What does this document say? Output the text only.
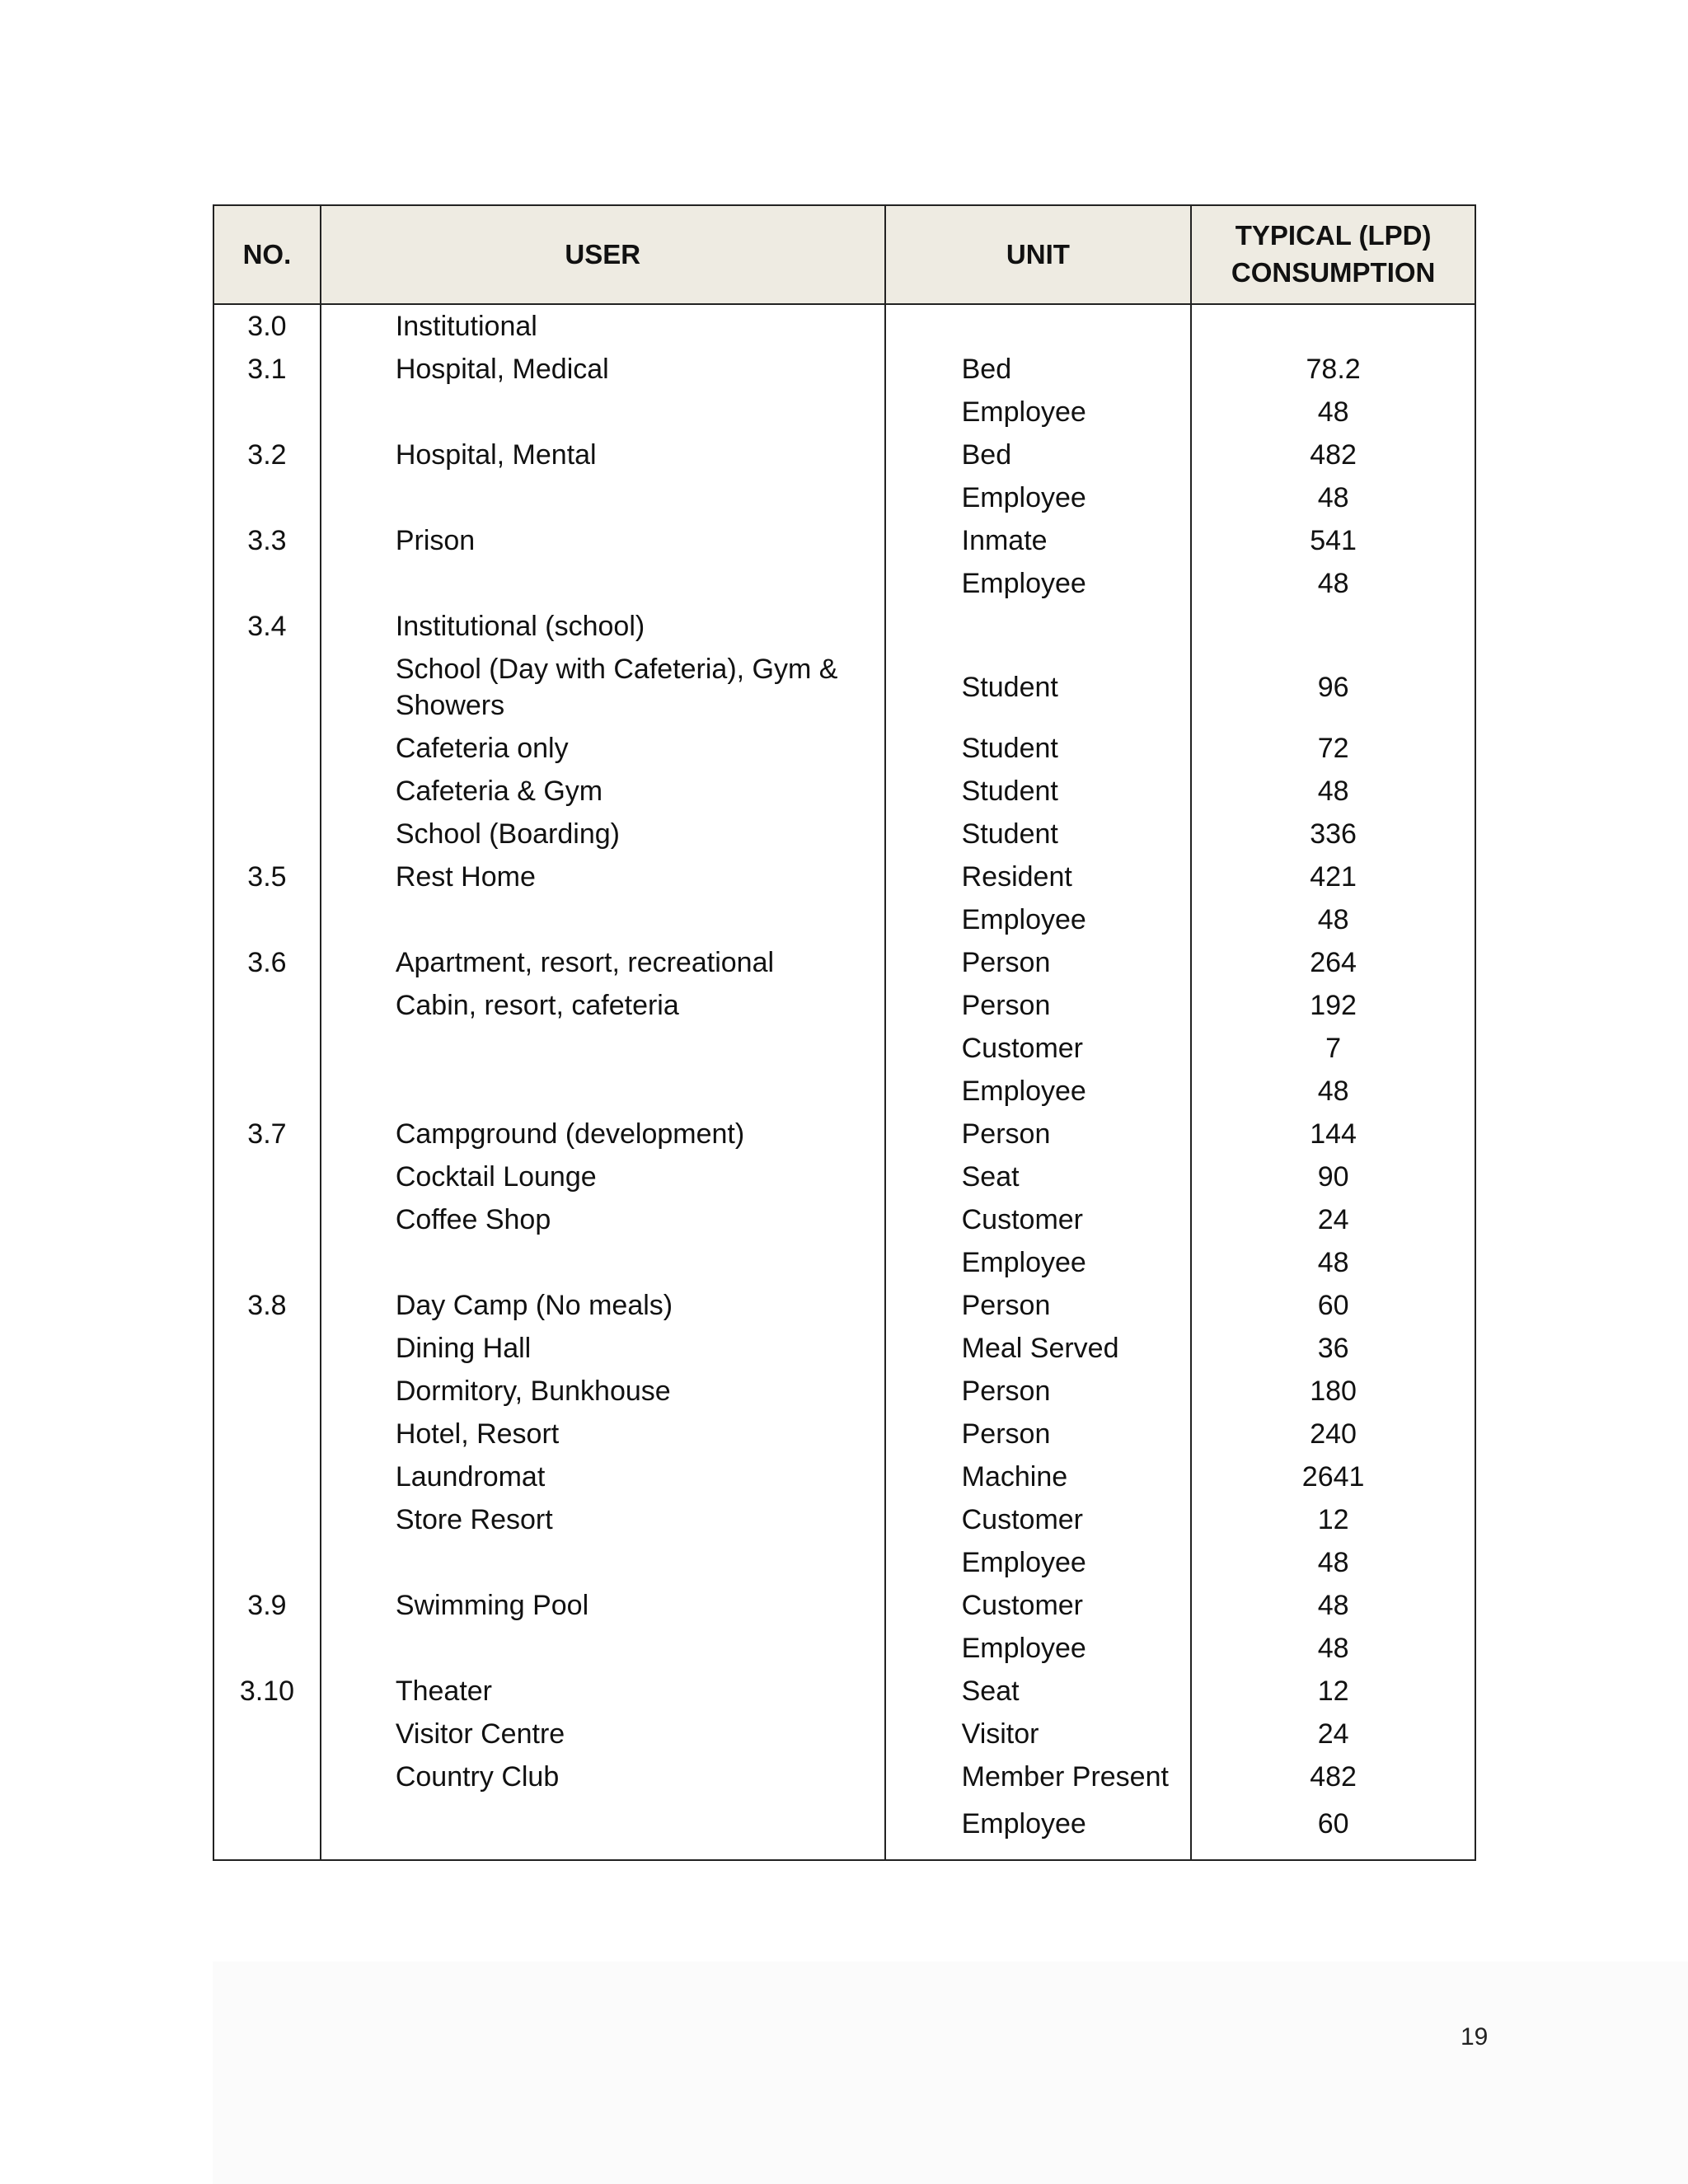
NO.	USER	UNIT	TYPICAL (LPD)
CONSUMPTION
3.0	Institutional		
3.1	Hospital, Medical	Bed	78.2
		Employee	48
3.2	Hospital, Mental	Bed	482
		Employee	48
3.3	Prison	Inmate	541
		Employee	48
3.4	Institutional (school)		
	School (Day with Cafeteria), Gym & Showers	Student	96
	Cafeteria only	Student	72
	Cafeteria & Gym	Student	48
	School (Boarding)	Student	336
3.5	Rest Home	Resident	421
		Employee	48
3.6	Apartment, resort, recreational	Person	264
	Cabin, resort, cafeteria	Person	192
		Customer	7
		Employee	48
3.7	Campground (development)	Person	144
	Cocktail Lounge	Seat	90
	Coffee Shop	Customer	24
		Employee	48
3.8	Day Camp (No meals)	Person	60
	Dining Hall	Meal Served	36
	Dormitory, Bunkhouse	Person	180
	Hotel, Resort	Person	240
	Laundromat	Machine	2641
	Store Resort	Customer	12
		Employee	48
3.9	Swimming Pool	Customer	48
		Employee	48
3.10	Theater	Seat	12
	Visitor Centre	Visitor	24
	Country Club	Member Present	482
		Employee	60
19
